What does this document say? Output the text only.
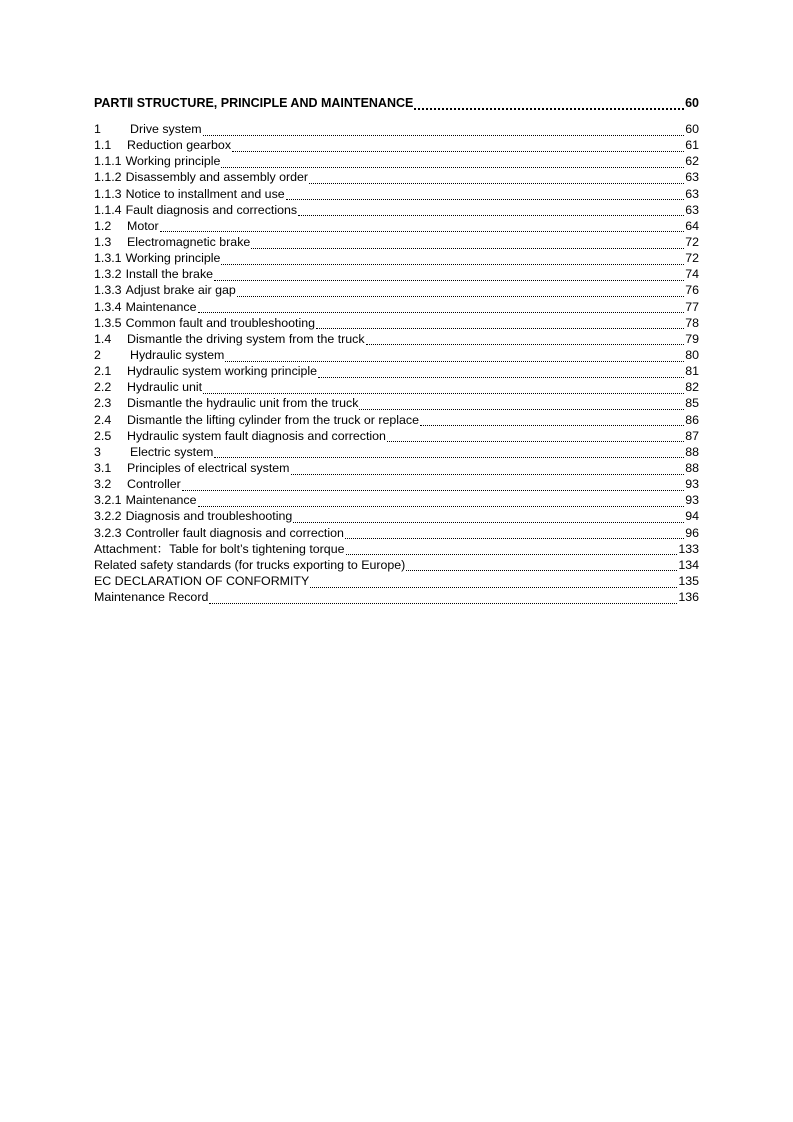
PARTⅡ STRUCTURE, PRINCIPLE AND MAINTENANCE	60
1	Drive system	60
1.1	Reduction gearbox	61
1.1.1 Working principle	62
1.1.2 Disassembly and assembly order	63
1.1.3 Notice to installment and use	63
1.1.4 Fault diagnosis and corrections	63
1.2	Motor	64
1.3	Electromagnetic brake	72
1.3.1 Working principle	72
1.3.2 Install the brake	74
1.3.3 Adjust brake air gap	76
1.3.4 Maintenance	77
1.3.5 Common fault and troubleshooting	78
1.4	Dismantle the driving system from the truck	79
2	Hydraulic system	80
2.1	Hydraulic system working principle	81
2.2	Hydraulic unit	82
2.3	Dismantle the hydraulic unit from the truck	85
2.4	Dismantle the lifting cylinder from the truck or replace	86
2.5	Hydraulic system fault diagnosis and correction	87
3	Electric system	88
3.1	Principles of electrical system	88
3.2	Controller	93
3.2.1 Maintenance	93
3.2.2 Diagnosis and troubleshooting	94
3.2.3 Controller fault diagnosis and correction	96
Attachment：Table for bolt’s tightening torque	133
Related safety standards (for trucks exporting to Europe)	134
EC DECLARATION OF CONFORMITY	135
Maintenance Record	136
